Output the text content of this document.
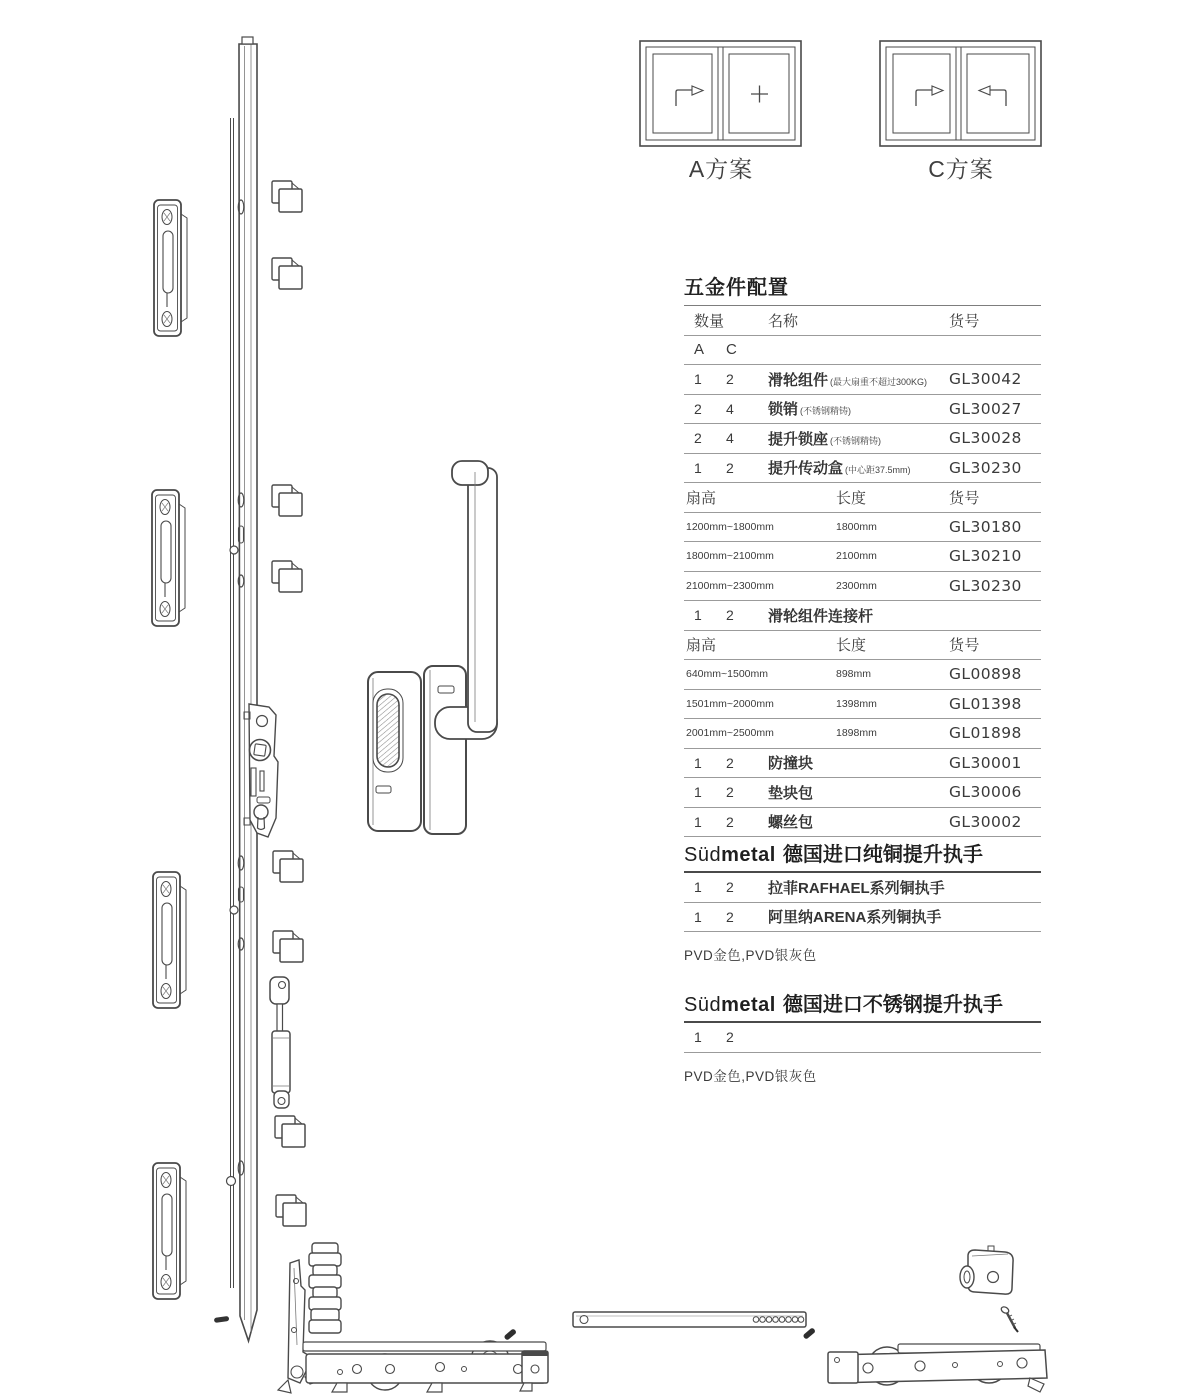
A方案	C方案
五金件配置
数量	名称	货号
A	C
1	2	滑轮组件 (最大扇重不超过300KG)	GL30042
2	4	锁销 (不锈钢精铸)	GL30027
2	4	提升锁座 (不锈钢精铸)	GL30028
1	2	提升传动盒 (中心距37.5mm)	GL30230
扇高	长度	货号
1200mm~1800mm	1800mm	GL30180
1800mm~2100mm	2100mm	GL30210
2100mm~2300mm	2300mm	GL30230
1	2	滑轮组件连接杆
扇高	长度	货号
640mm~1500mm	898mm	GL00898
1501mm~2000mm	1398mm	GL01398
2001mm~2500mm	1898mm	GL01898
1	2	防撞块	GL30001
1	2	垫块包	GL30006
1	2	螺丝包	GL30002
Südmetal 德国进口纯铜提升执手
1	2	拉菲RAFHAEL系列铜执手
1	2	阿里纳ARENA系列铜执手
PVD金色,PVD银灰色
Südmetal 德国进口不锈钢提升执手
1	2
PVD金色,PVD银灰色
